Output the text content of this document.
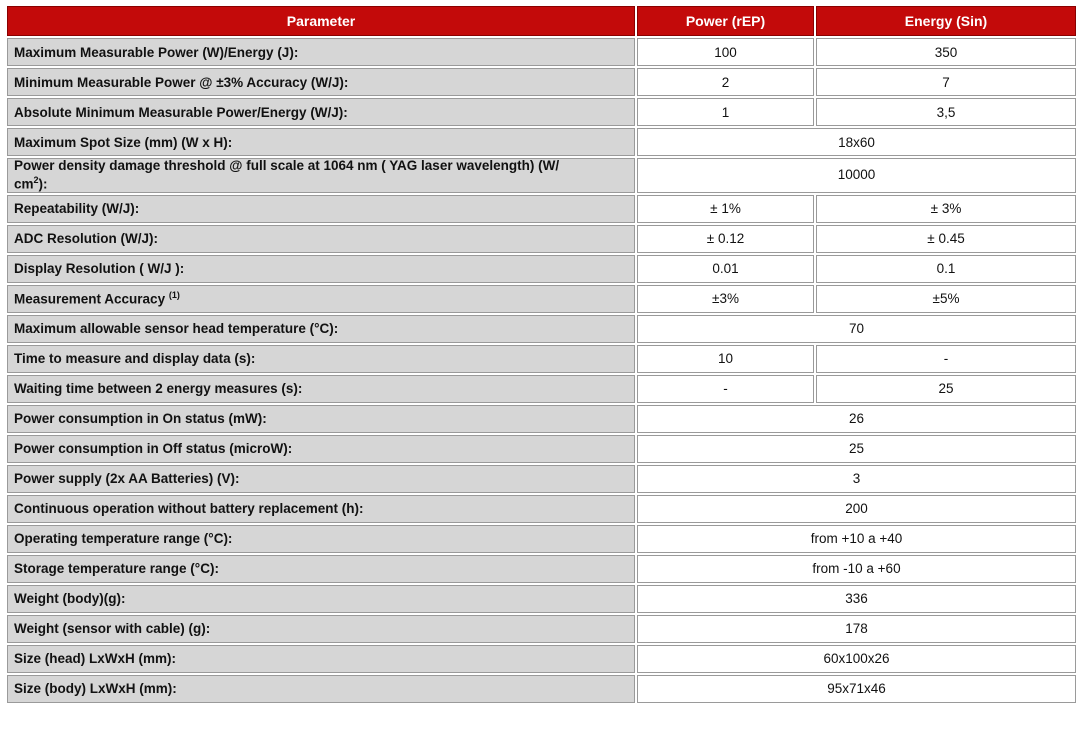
Parameter	Power (rEP)	Energy (Sin)
Maximum Measurable Power (W)/Energy (J):	100	350
Minimum Measurable Power @ ±3% Accuracy (W/J):	2	7
Absolute Minimum Measurable Power/Energy (W/J):	1	3,5
Maximum Spot Size (mm) (W x H):	18x60	
Power density damage threshold @ full scale at 1064 nm ( YAG laser wavelength) (W/
$cm^2$):	10000	
Repeatability (W/J):	± 1%	± 3%
ADC Resolution (W/J):	± 0.12	± 0.45
Display Resolution ( W/J ):	0.01	0.1
Measurement Accuracy $^{(1)}$	±3%	±5%
Maximum allowable sensor head temperature (°C):	70	
Time to measure and display data (s):	10	-
Waiting time between 2 energy measures (s):	-	25
Power consumption in On status (mW):	26	
Power consumption in Off status (microW):	25	
Power supply (2x AA Batteries) (V):	3	
Continuous operation without battery replacement (h):	200	
Operating temperature range (°C):	from +10 a +40	
Storage temperature range (°C):	from -10 a +60	
Weight (body)(g):	336	
Weight (sensor with cable) (g):	178	
Size (head) LxWxH (mm):	60x100x26	
Size (body) LxWxH (mm):	95x71x46	
